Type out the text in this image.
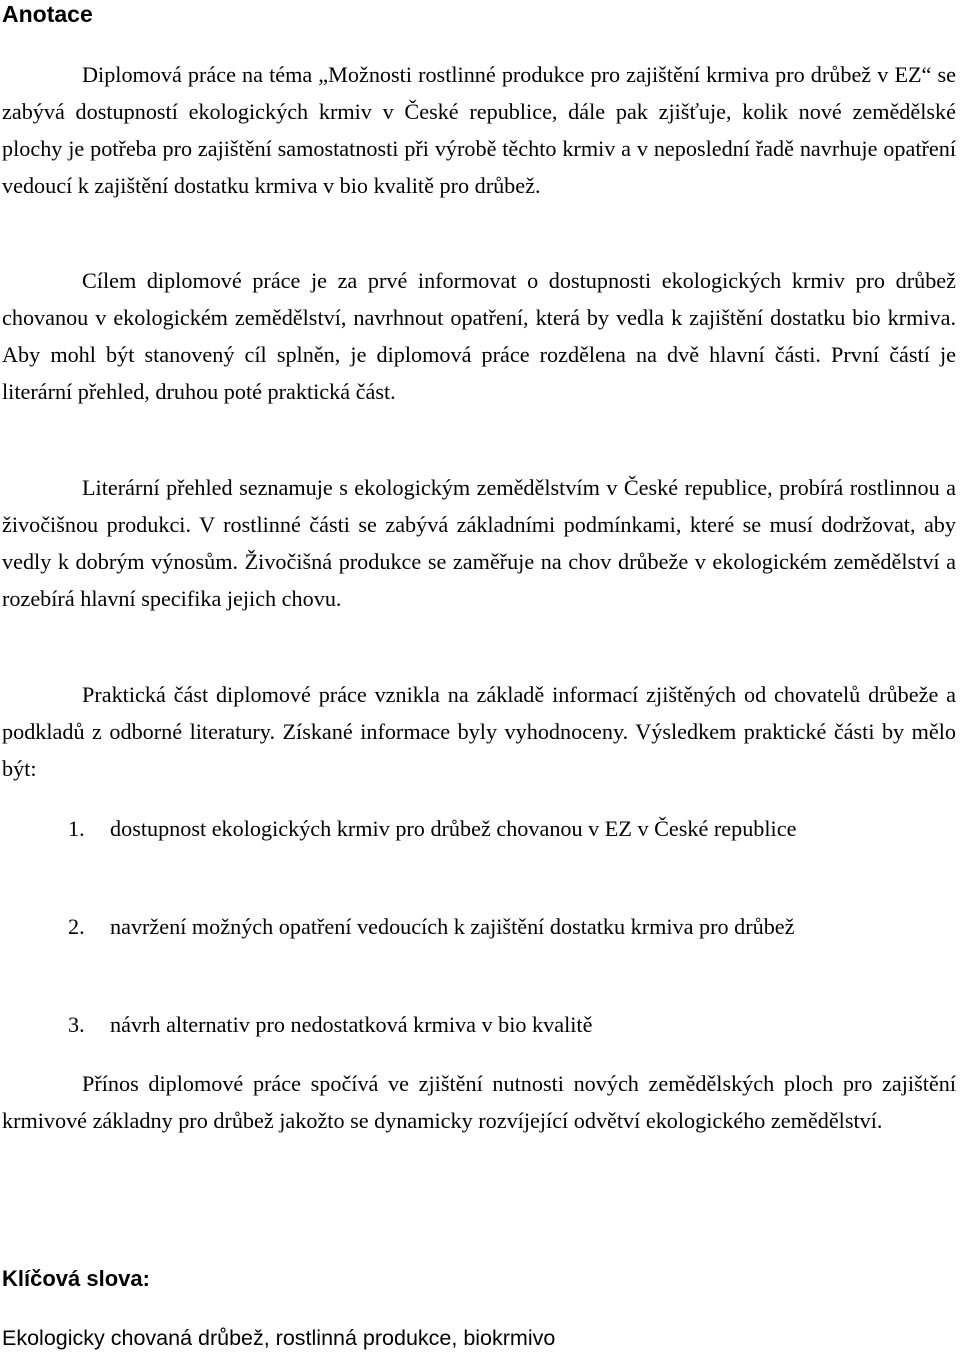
Anotace

Diplomová práce na téma „Možnosti rostlinné produkce pro zajištění krmiva pro drůbež v EZ“ se zabývá dostupností ekologických krmiv v České republice, dále pak zjišťuje, kolik nové zemědělské plochy je potřeba pro zajištění samostatnosti při výrobě těchto krmiv a v neposlední řadě navrhuje opatření vedoucí k zajištění dostatku krmiva v bio kvalitě pro drůbež.

Cílem diplomové práce je za prvé informovat o dostupnosti ekologických krmiv pro drůbež chovanou v ekologickém zemědělství, navrhnout opatření, která by vedla k zajištění dostatku bio krmiva. Aby mohl být stanovený cíl splněn, je diplomová práce rozdělena na dvě hlavní části. První částí je literární přehled, druhou poté praktická část.

Literární přehled seznamuje s ekologickým zemědělstvím v České republice, probírá rostlinnou a živočišnou produkci. V rostlinné části se zabývá základními podmínkami, které se musí dodržovat, aby vedly k dobrým výnosům. Živočišná produkce se zaměřuje na chov drůbeže v ekologickém zemědělství a rozebírá hlavní specifika jejich chovu.

Praktická část diplomové práce vznikla na základě informací zjištěných od chovatelů drůbeže a podkladů z odborné literatury. Získané informace byly vyhodnoceny. Výsledkem praktické části by mělo být:

1. dostupnost ekologických krmiv pro drůbež chovanou v EZ v České republice
2. navržení možných opatření vedoucích k zajištění dostatku krmiva pro drůbež
3. návrh alternativ pro nedostatková krmiva v bio kvalitě

Přínos diplomové práce spočívá ve zjištění nutnosti nových zemědělských ploch pro zajištění krmivové základny pro drůbež jakožto se dynamicky rozvíjející odvětví ekologického zemědělství.

Klíčová slova:

Ekologicky chovaná drůbež, rostlinná produkce, biokrmivo
